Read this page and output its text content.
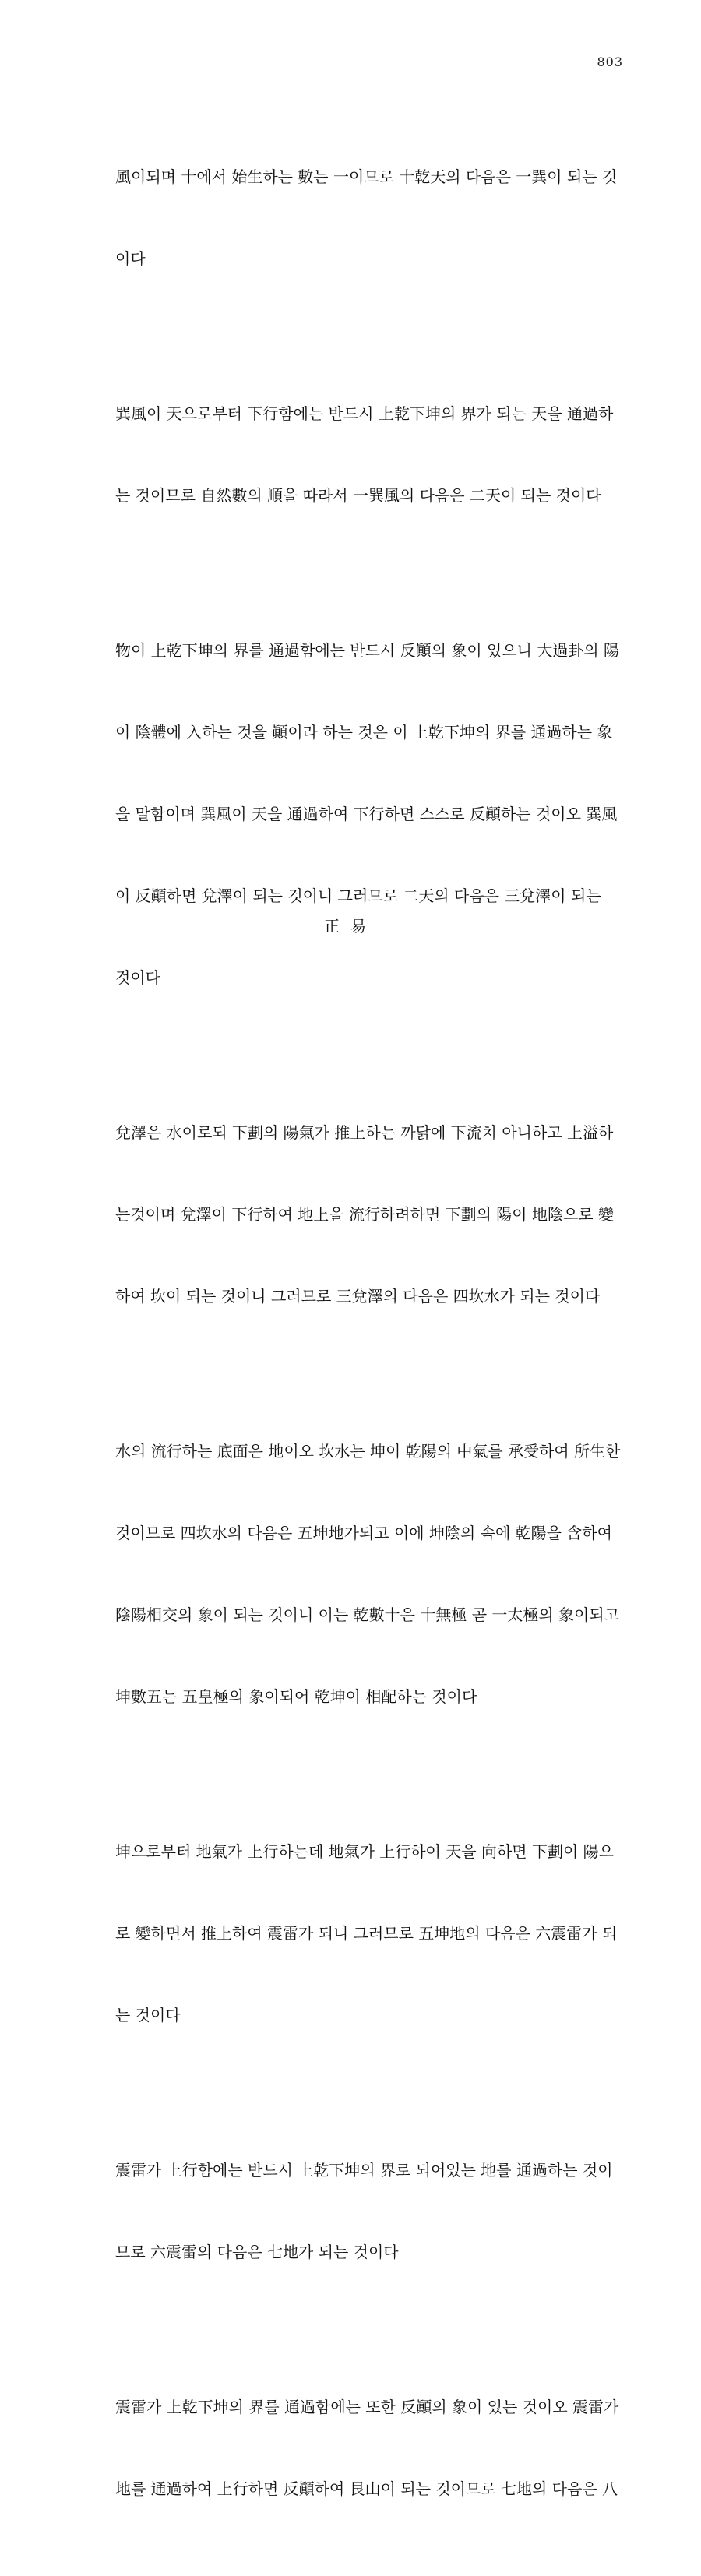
803

風이되며 十에서 始生하는 數는 一이므로 十乾天의 다음은 一巽이 되는 것

이다

巽風이 天으로부터 下行함에는 반드시 上乾下坤의 界가 되는 天을 通過하

는 것이므로 自然數의 順을 따라서 一巽風의 다음은 二天이 되는 것이다

物이 上乾下坤의 界를 通過함에는 반드시 反顚의 象이 있으니 大過卦의 陽

이 陰體에 入하는 것을 顚이라 하는 것은 이 上乾下坤의 界를 通過하는 象

을 말함이며 巽風이 天을 通過하여 下行하면 스스로 反顚하는 것이오 巽風

이 反顚하면 兌澤이 되는 것이니 그러므로 二天의 다음은 三兌澤이 되는

것이다

兌澤은 水이로되 下劃의 陽氣가 推上하는 까닭에 下流치 아니하고 上溢하

는것이며 兌澤이 下行하여 地上을 流行하려하면 下劃의 陽이 地陰으로 變

하여 坎이 되는 것이니 그러므로 三兌澤의 다음은 四坎水가 되는 것이다

水의 流行하는 底面은 地이오 坎水는 坤이 乾陽의 中氣를 承受하여 所生한

것이므로 四坎水의 다음은 五坤地가되고 이에 坤陰의 속에 乾陽을 含하여

陰陽相交의 象이 되는 것이니 이는 乾數十은 十無極 곧 一太極의 象이되고

坤數五는 五皇極의 象이되어 乾坤이 相配하는 것이다

坤으로부터 地氣가 上行하는데 地氣가 上行하여 天을 向하면 下劃이 陽으

로 變하면서 推上하여 震雷가 되니 그러므로 五坤地의 다음은 六震雷가 되

는 것이다

震雷가 上行함에는 반드시 上乾下坤의 界로 되어있는 地를 通過하는 것이

므로 六震雷의 다음은 七地가 되는 것이다

震雷가 上乾下坤의 界를 通過함에는 또한 反顚의 象이 있는 것이오 震雷가

地를 通過하여 上行하면 反顚하여 艮山이 되는 것이므로 七地의 다음은 八

正易
